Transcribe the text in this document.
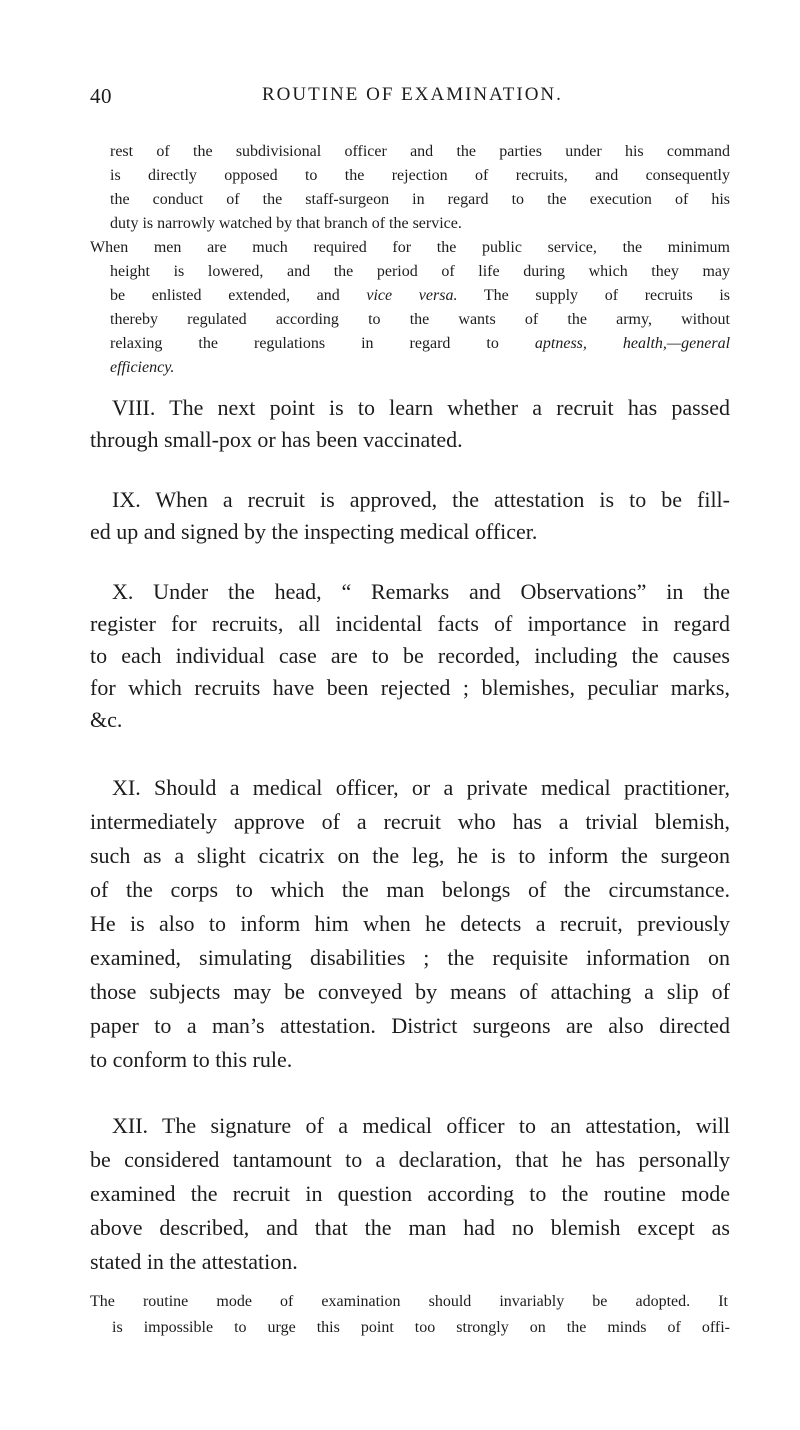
40	ROUTINE OF EXAMINATION.
rest of the subdivisional officer and the parties under his command
is directly opposed to the rejection of recruits, and consequently
the conduct of the staff-surgeon in regard to the execution of his
duty is narrowly watched by that branch of the service.
When men are much required for the public service, the minimum
height is lowered, and the period of life during which they may
be enlisted extended, and vice versa. The supply of recruits is
thereby regulated according to the wants of the army, without
relaxing the regulations in regard to aptness, health,—general
efficiency.
VIII. The next point is to learn whether a recruit has passed
through small-pox or has been vaccinated.
IX. When a recruit is approved, the attestation is to be fill-
ed up and signed by the inspecting medical officer.
X. Under the head, “ Remarks and Observations” in the
register for recruits, all incidental facts of importance in regard
to each individual case are to be recorded, including the causes
for which recruits have been rejected ; blemishes, peculiar marks,
&c.
XI. Should a medical officer, or a private medical practitioner,
intermediately approve of a recruit who has a trivial blemish,
such as a slight cicatrix on the leg, he is to inform the surgeon
of the corps to which the man belongs of the circumstance.
He is also to inform him when he detects a recruit, previously
examined, simulating disabilities ; the requisite information on
those subjects may be conveyed by means of attaching a slip of
paper to a man’s attestation. District surgeons are also directed
to conform to this rule.
XII. The signature of a medical officer to an attestation, will
be considered tantamount to a declaration, that he has personally
examined the recruit in question according to the routine mode
above described, and that the man had no blemish except as
stated in the attestation.
The routine mode of examination should invariably be adopted. It
is impossible to urge this point too strongly on the minds of offi-
